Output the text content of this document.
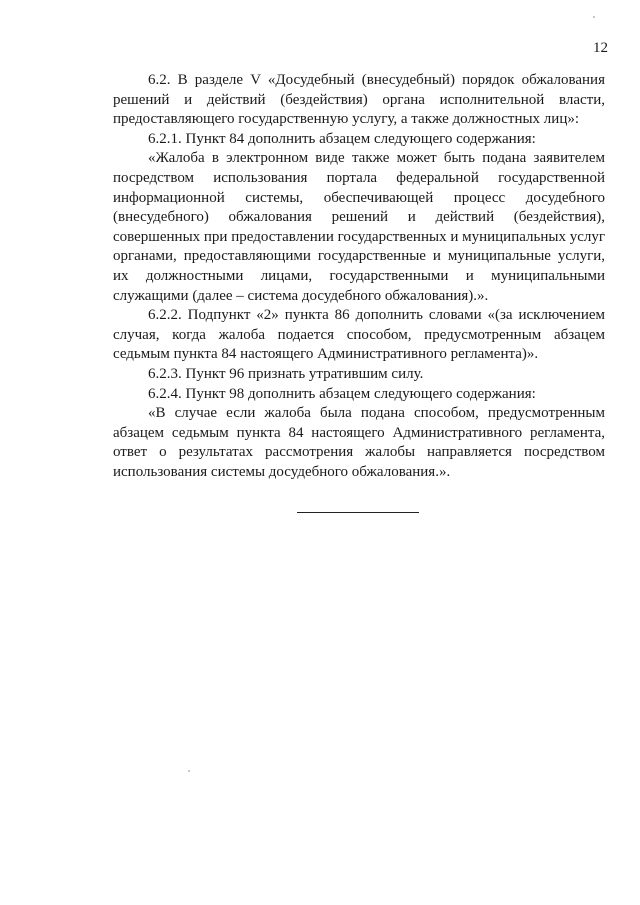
12

6.2. В разделе V «Досудебный (внесудебный) порядок обжалования решений и действий (бездействия) органа исполнительной власти, предоставляющего государственную услугу, а также должностных лиц»:

6.2.1. Пункт 84 дополнить абзацем следующего содержания:

«Жалоба в электронном виде также может быть подана заявителем посредством использования портала федеральной государственной информационной системы, обеспечивающей процесс досудебного (внесудебного) обжалования решений и действий (бездействия), совершенных при предоставлении государственных и муниципальных услуг органами, предоставляющими государственные и муниципальные услуги, их должностными лицами, государственными и муниципальными служащими (далее – система досудебного обжалования).».

6.2.2. Подпункт «2» пункта 86 дополнить словами «(за исключением случая, когда жалоба подается способом, предусмотренным абзацем седьмым пункта 84 настоящего Административного регламента)».

6.2.3. Пункт 96 признать утратившим силу.

6.2.4. Пункт 98 дополнить абзацем следующего содержания:

«В случае если жалоба была подана способом, предусмотренным абзацем седьмым пункта 84 настоящего Административного регламента, ответ о результатах рассмотрения жалобы направляется посредством использования системы досудебного обжалования.».
